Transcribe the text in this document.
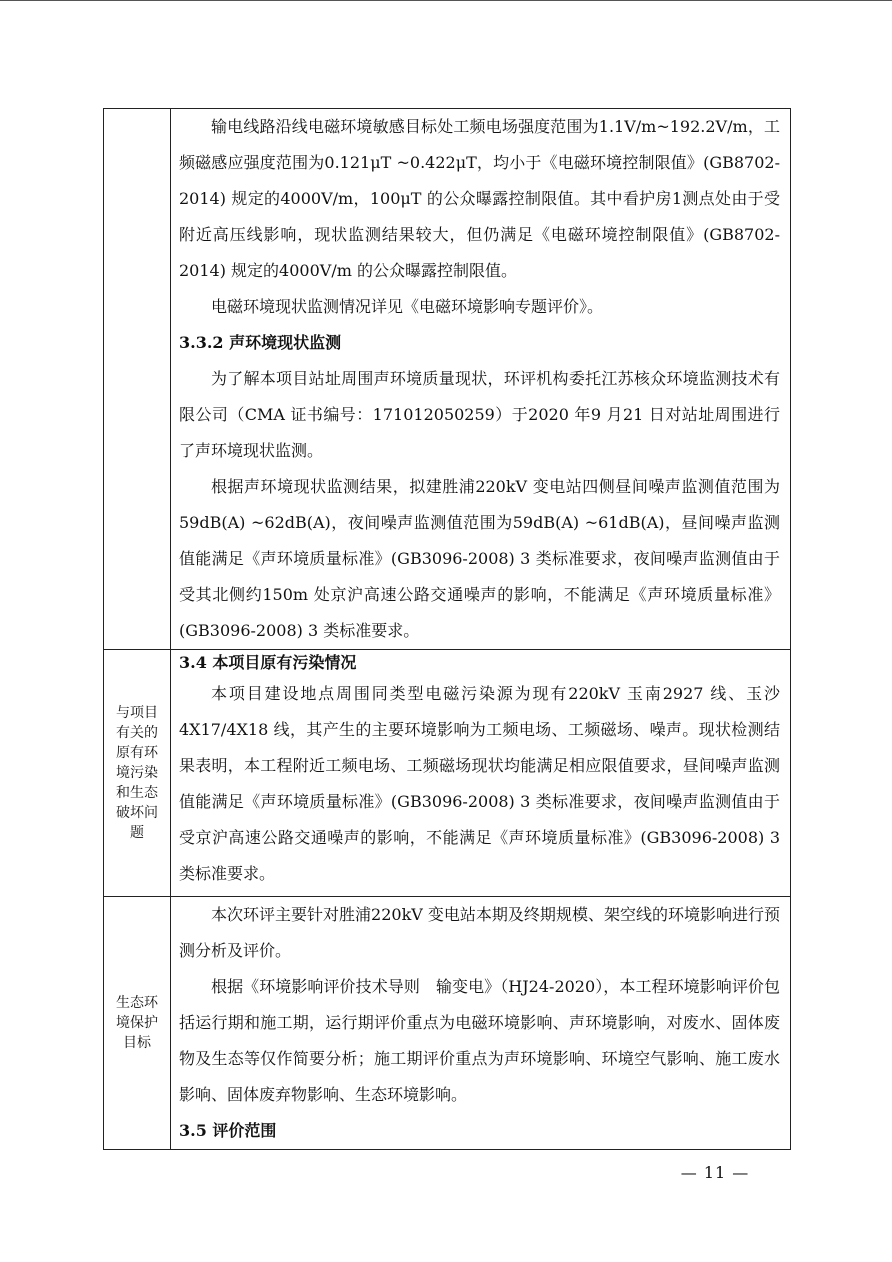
	输电线路沿线电磁环境敏感目标处工频电场强度范围为1.1V/m~192.2V/m，工频磁感应强度范围为0.121μT ~0.422μT，均小于《电磁环境控制限值》(GB8702-2014) 规定的4000V/m，100μT 的公众曝露控制限值。其中看护房1测点处由于受附近高压线影响，现状监测结果较大，但仍满足《电磁环境控制限值》(GB8702-2014) 规定的4000V/m 的公众曝露控制限值。

电磁环境现状监测情况详见《电磁环境影响专题评价》。

3.3.2 声环境现状监测

为了解本项目站址周围声环境质量现状，环评机构委托江苏核众环境监测技术有限公司（CMA 证书编号：171012050259）于2020 年9 月21 日对站址周围进行了声环境现状监测。

根据声环境现状监测结果，拟建胜浦220kV 变电站四侧昼间噪声监测值范围为59dB(A) ~62dB(A)，夜间噪声监测值范围为59dB(A) ~61dB(A)，昼间噪声监测值能满足《声环境质量标准》(GB3096-2008) 3 类标准要求，夜间噪声监测值由于受其北侧约150m 处京沪高速公路交通噪声的影响，不能满足《声环境质量标准》(GB3096-2008) 3 类标准要求。

与项目有关的原有环境污染和生态破坏问题	3.4 本项目原有污染情况

本项目建设地点周围同类型电磁污染源为现有220kV 玉南2927 线、玉沙4X17/4X18 线，其产生的主要环境影响为工频电场、工频磁场、噪声。现状检测结果表明，本工程附近工频电场、工频磁场现状均能满足相应限值要求，昼间噪声监测值能满足《声环境质量标准》(GB3096-2008) 3 类标准要求，夜间噪声监测值由于受京沪高速公路交通噪声的影响，不能满足《声环境质量标准》(GB3096-2008) 3 类标准要求。

生态环境保护目标	本次环评主要针对胜浦220kV 变电站本期及终期规模、架空线的环境影响进行预测分析及评价。

根据《环境影响评价技术导则　输变电》（HJ24-2020），本工程环境影响评价包括运行期和施工期，运行期评价重点为电磁环境影响、声环境影响，对废水、固体废物及生态等仅作简要分析；施工期评价重点为声环境影响、环境空气影响、施工废水影响、固体废弃物影响、生态环境影响。

3.5 评价范围

— 11 —
